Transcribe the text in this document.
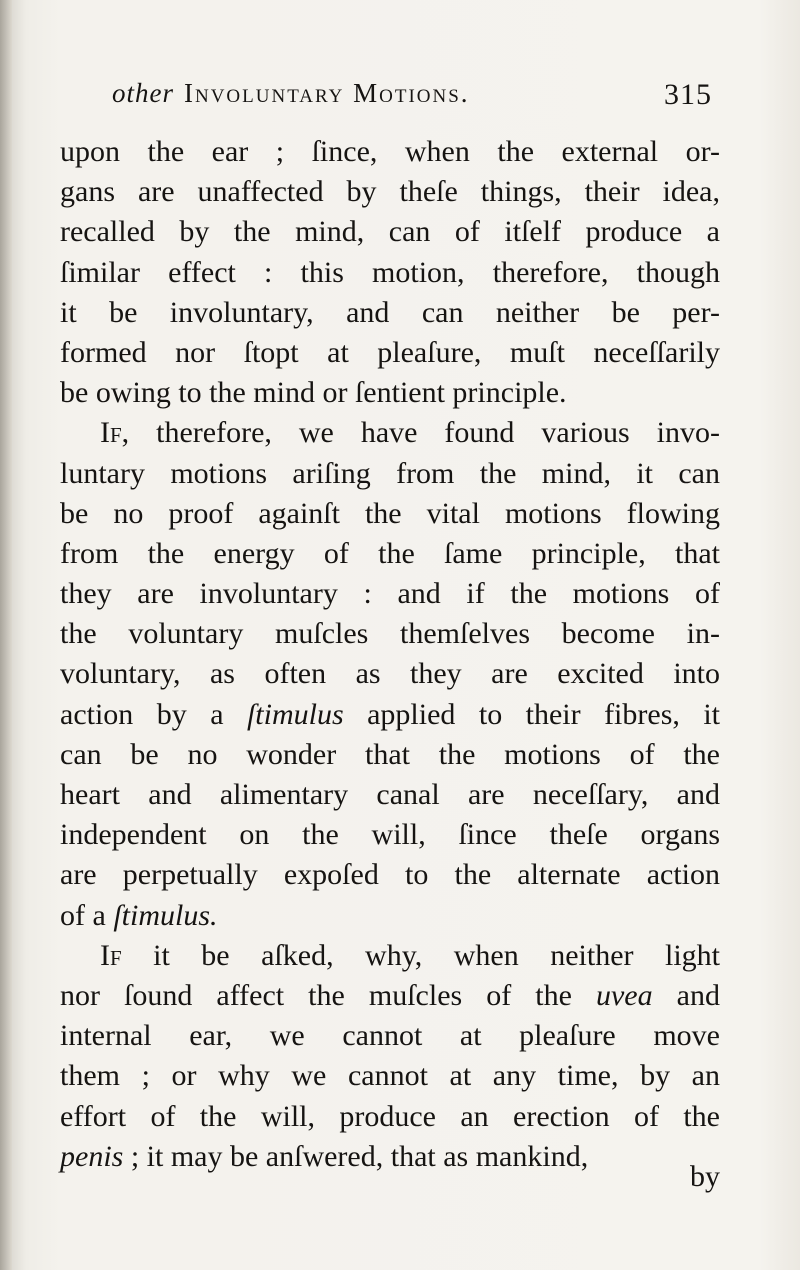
other Involuntary Motions.	315
upon the ear ; ſince, when the external or-
gans are unaffected by theſe things, their idea,
recalled by the mind, can of itſelf produce a
ſimilar effect : this motion, therefore, though
it be involuntary, and can neither be per-
formed nor ſtopt at pleaſure, muſt neceſſarily
be owing to the mind or ſentient principle.
If, therefore, we have found various invo-
luntary motions ariſing from the mind, it can
be no proof againſt the vital motions flowing
from the energy of the ſame principle, that
they are involuntary : and if the motions of
the voluntary muſcles themſelves become in-
voluntary, as often as they are excited into
action by a ſtimulus applied to their fibres, it
can be no wonder that the motions of the
heart and alimentary canal are neceſſary, and
independent on the will, ſince theſe organs
are perpetually expoſed to the alternate action
of a ſtimulus.
If it be aſked, why, when neither light
nor ſound affect the muſcles of the uvea and
internal ear, we cannot at pleaſure move
them ; or why we cannot at any time, by an
effort of the will, produce an erection of the
penis ; it may be anſwered, that as mankind,
by
